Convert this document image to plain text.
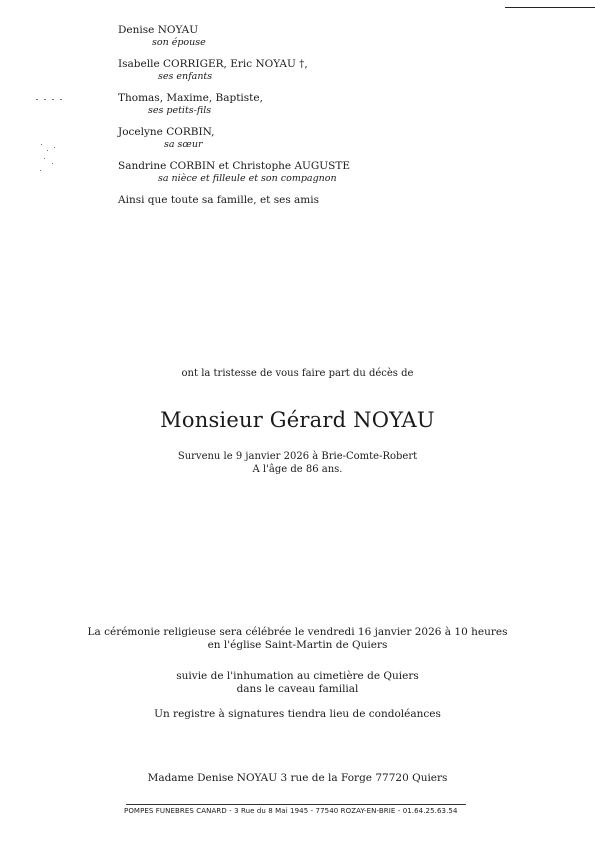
Denise NOYAU
son épouse
Isabelle CORRIGER, Eric NOYAU †,
ses enfants
Thomas, Maxime, Baptiste,
ses petits-fils
Jocelyne CORBIN,
sa sœur
Sandrine CORBIN et Christophe AUGUSTE
sa nièce et filleule et son compagnon
Ainsi que toute sa famille, et ses amis
ont la tristesse de vous faire part du décès de
Monsieur Gérard NOYAU
Survenu le 9 janvier 2026 à Brie-Comte-Robert
A l'âge de 86 ans.
La cérémonie religieuse sera célébrée le vendredi 16 janvier 2026 à 10 heures
en l'église Saint-Martin de Quiers
suivie de l'inhumation au cimetière de Quiers
dans le caveau familial
Un registre à signatures tiendra lieu de condoléances
Madame Denise NOYAU 3 rue de la Forge 77720 Quiers
POMPES FUNEBRES CANARD - 3 Rue du 8 Mai 1945 - 77540 ROZAY-EN-BRIE - 01.64.25.63.54
